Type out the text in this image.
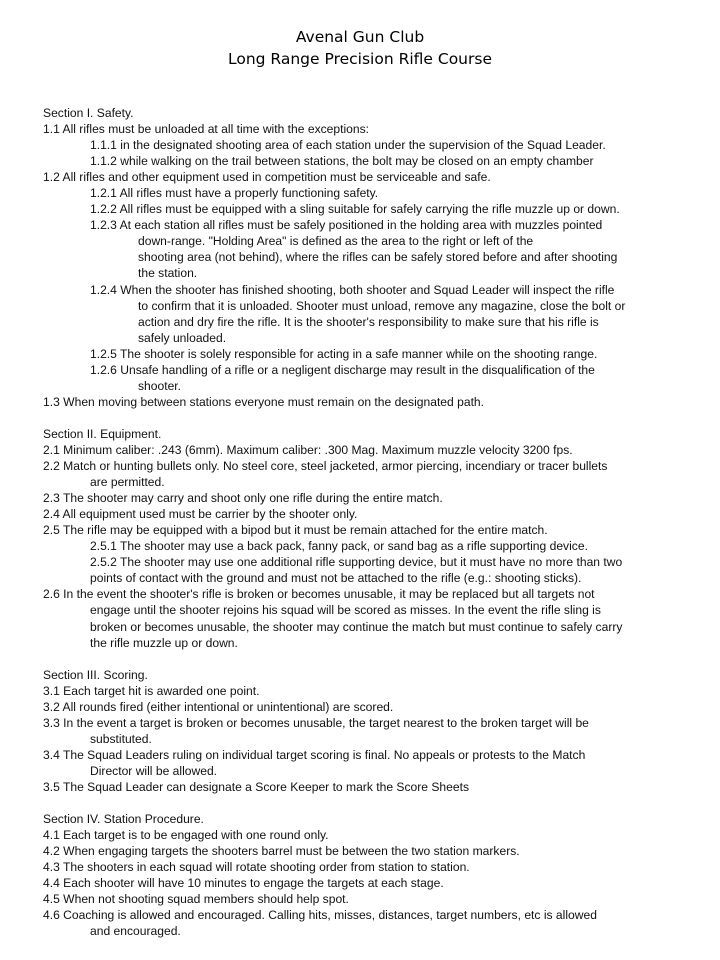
Avenal Gun Club
Long Range Precision Rifle Course
Section I. Safety.
1.1 All rifles must be unloaded at all time with the exceptions:
1.1.1 in the designated shooting area of each station under the supervision of the Squad Leader.
1.1.2 while walking on the trail between stations, the bolt may be closed on an empty chamber
1.2 All rifles and other equipment used in competition must be serviceable and safe.
1.2.1 All rifles must have a properly functioning safety.
1.2.2 All rifles must be equipped with a sling suitable for safely carrying the rifle muzzle up or down.
1.2.3 At each station all rifles must be safely positioned in the holding area with muzzles pointed
down-range. "Holding Area" is defined as the area to the right or left of the
shooting area (not behind), where the rifles can be safely stored before and after shooting
the station.
1.2.4 When the shooter has finished shooting, both shooter and Squad Leader will inspect the rifle
to confirm that it is unloaded. Shooter must unload, remove any magazine, close the bolt or
action and dry fire the rifle. It is the shooter's responsibility to make sure that his rifle is
safely unloaded.
1.2.5 The shooter is solely responsible for acting in a safe manner while on the shooting range.
1.2.6 Unsafe handling of a rifle or a negligent discharge may result in the disqualification of the
shooter.
1.3 When moving between stations everyone must remain on the designated path.
Section II. Equipment.
2.1 Minimum caliber: .243 (6mm). Maximum caliber: .300 Mag. Maximum muzzle velocity 3200 fps.
2.2 Match or hunting bullets only. No steel core, steel jacketed, armor piercing, incendiary or tracer bullets
are permitted.
2.3 The shooter may carry and shoot only one rifle during the entire match.
2.4 All equipment used must be carrier by the shooter only.
2.5 The rifle may be equipped with a bipod but it must be remain attached for the entire match.
2.5.1 The shooter may use a back pack, fanny pack, or sand bag as a rifle supporting device.
2.5.2 The shooter may use one additional rifle supporting device, but it must have no more than two
points of contact with the ground and must not be attached to the rifle (e.g.: shooting sticks).
2.6 In the event the shooter's rifle is broken or becomes unusable, it may be replaced but all targets not
engage until the shooter rejoins his squad will be scored as misses. In the event the rifle sling is
broken or becomes unusable, the shooter may continue the match but must continue to safely carry
the rifle muzzle up or down.
Section III. Scoring.
3.1 Each target hit is awarded one point.
3.2 All rounds fired (either intentional or unintentional) are scored.
3.3 In the event a target is broken or becomes unusable, the target nearest to the broken target will be
substituted.
3.4 The Squad Leaders ruling on individual target scoring is final. No appeals or protests to the Match
Director will be allowed.
3.5 The Squad Leader can designate a Score Keeper to mark the Score Sheets
Section IV. Station Procedure.
4.1 Each target is to be engaged with one round only.
4.2 When engaging targets the shooters barrel must be between the two station markers.
4.3 The shooters in each squad will rotate shooting order from station to station.
4.4 Each shooter will have 10 minutes to engage the targets at each stage.
4.5 When not shooting squad members should help spot.
4.6 Coaching is allowed and encouraged. Calling hits, misses, distances, target numbers, etc is allowed
and encouraged.
